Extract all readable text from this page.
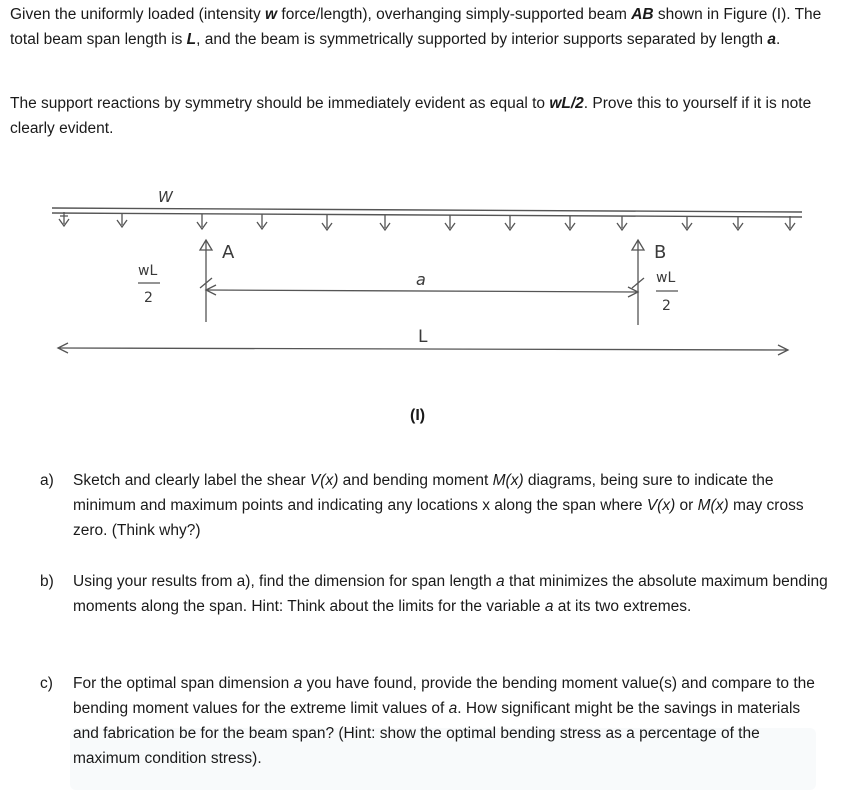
Given the uniformly loaded (intensity w force/length), overhanging simply-supported beam AB shown in Figure (I). The total beam span length is L, and the beam is symmetrically supported by interior supports separated by length a.

The support reactions by symmetry should be immediately evident as equal to wL/2. Prove this to yourself if it is note clearly evident.

W
A	B
wL
2
wL
2
a
L
(I)
a)	Sketch and clearly label the shear V(x) and bending moment M(x) diagrams, being sure to indicate the minimum and maximum points and indicating any locations x along the span where V(x) or M(x) may cross zero. (Think why?)
b)	Using your results from a), find the dimension for span length a that minimizes the absolute maximum bending moments along the span. Hint: Think about the limits for the variable a at its two extremes.
c)	For the optimal span dimension a you have found, provide the bending moment value(s) and compare to the bending moment values for the extreme limit values of a. How significant might be the savings in materials and fabrication be for the beam span? (Hint: show the optimal bending stress as a percentage of the maximum condition stress).
